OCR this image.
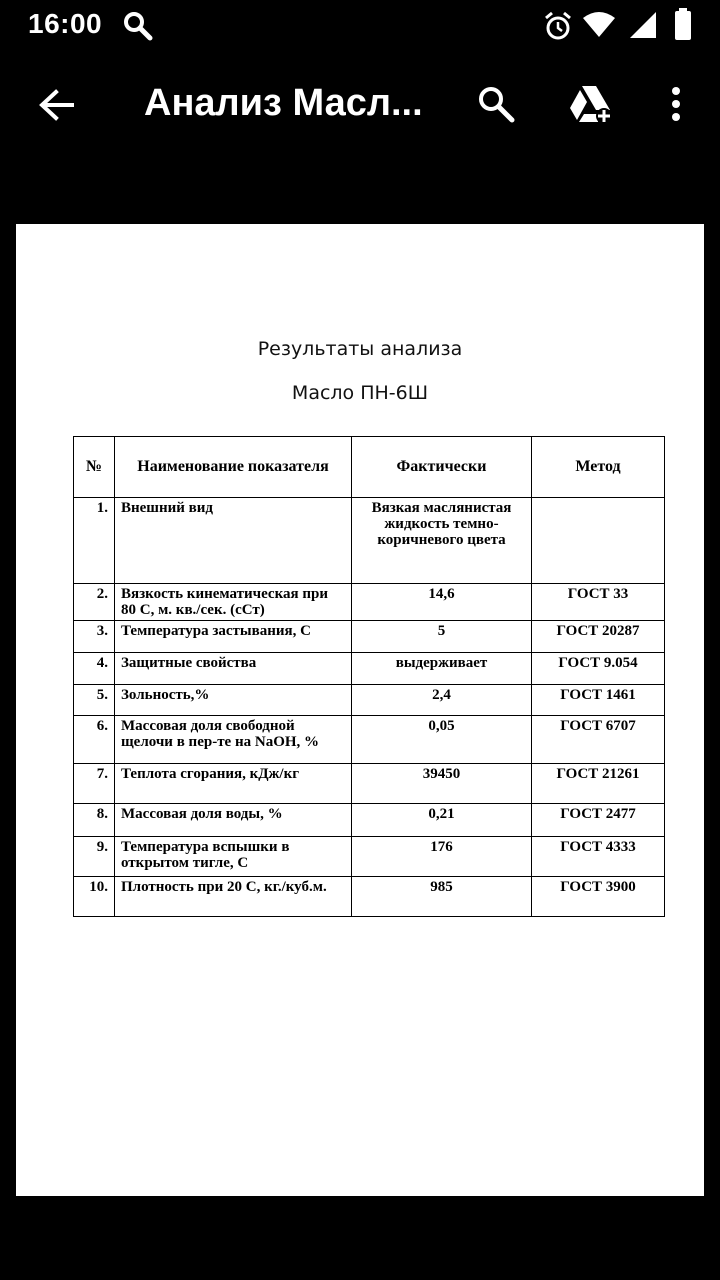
16:00
Анализ Масл...
Результаты анализа
Масло ПН-6Ш
№	Наименование показателя	Фактически	Метод
1.	Внешний вид	Вязкая маслянистая жидкость темно-коричневого цвета	
2.	Вязкость кинематическая при 80 С, м. кв./сек. (сСт)	14,6	ГОСТ 33
3.	Температура застывания, С	5	ГОСТ 20287
4.	Защитные свойства	выдерживает	ГОСТ 9.054
5.	Зольность,%	2,4	ГОСТ 1461
6.	Массовая доля свободной щелочи в пер-те на NaOH, %	0,05	ГОСТ 6707
7.	Теплота сгорания, кДж/кг	39450	ГОСТ 21261
8.	Массовая доля воды, %	0,21	ГОСТ 2477
9.	Температура вспышки в открытом тигле, С	176	ГОСТ 4333
10.	Плотность при 20 С, кг./куб.м.	985	ГОСТ 3900
